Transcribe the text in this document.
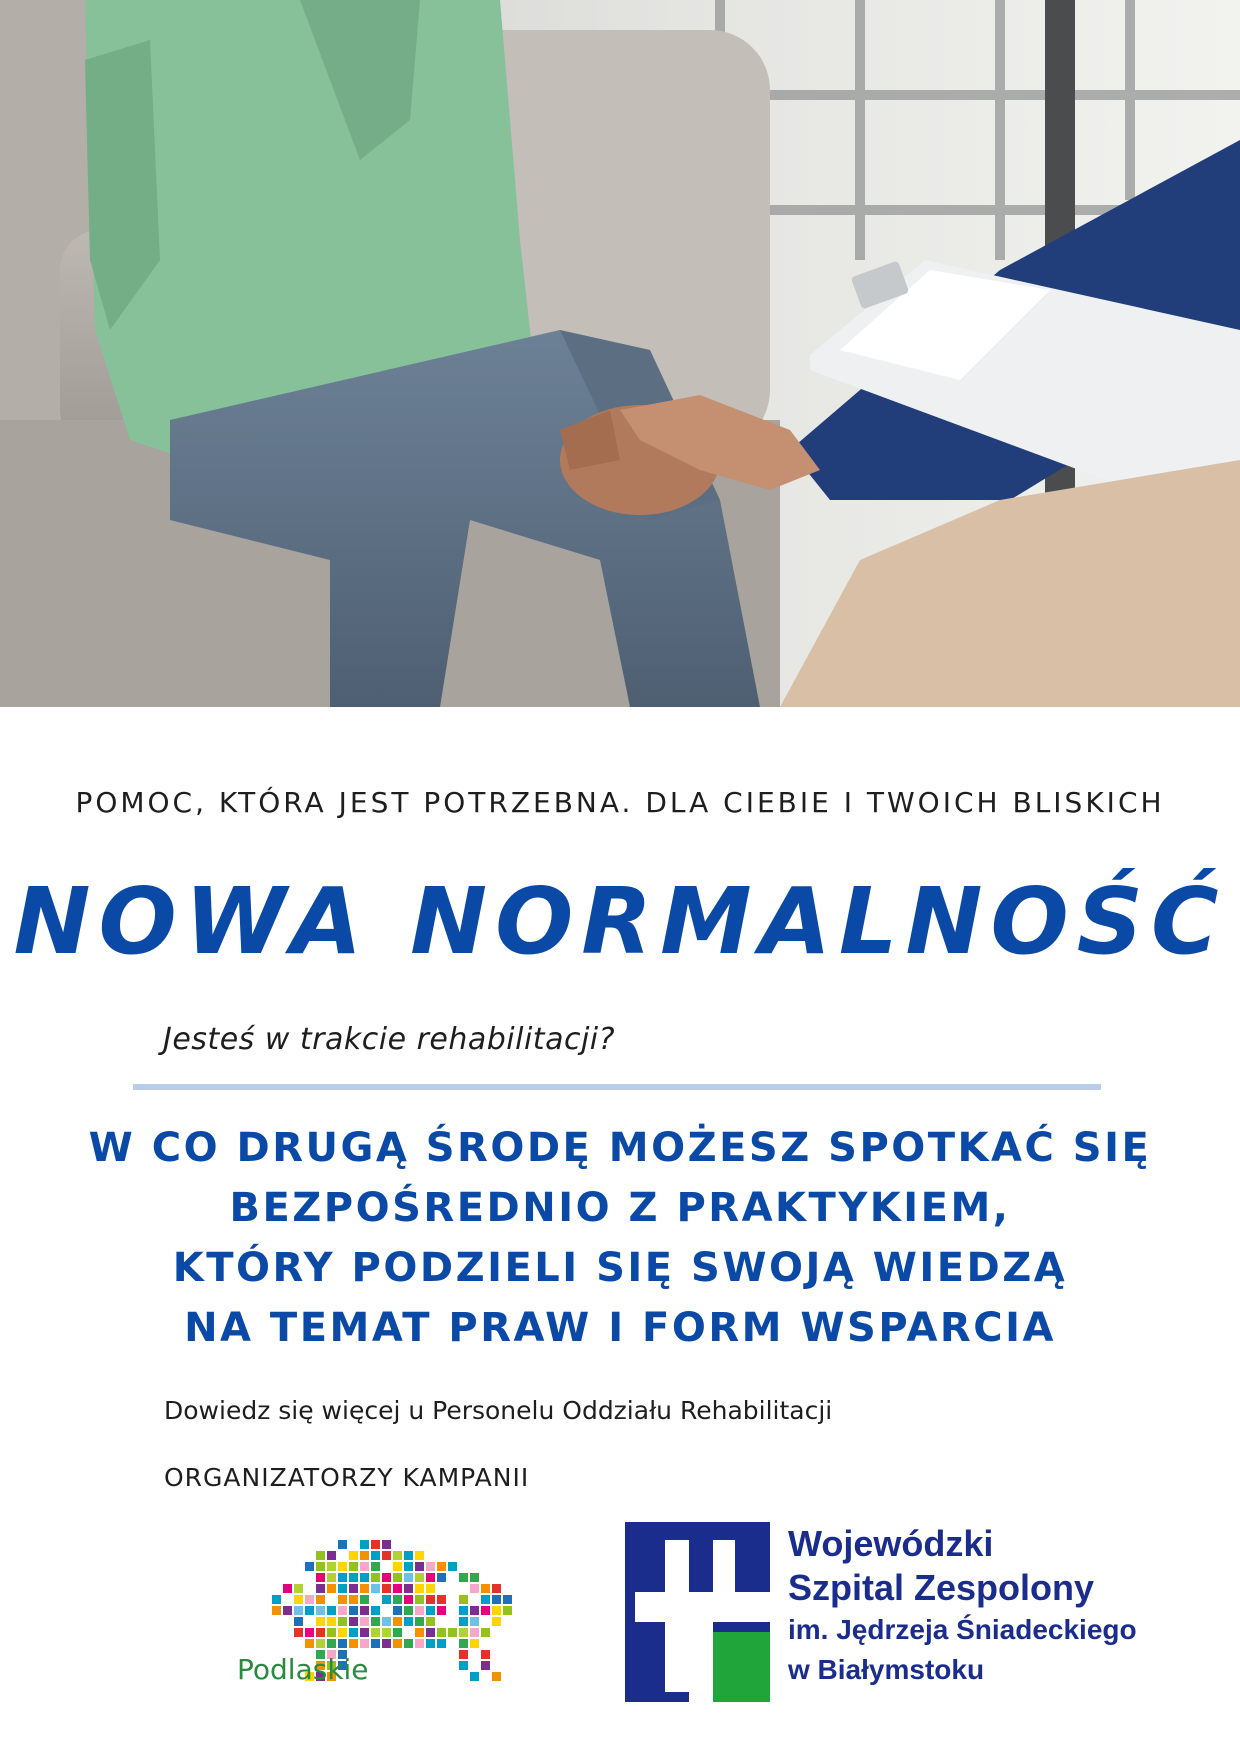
POMOC, KTÓRA JEST POTRZEBNA. DLA CIEBIE I TWOICH BLISKICH
NOWA NORMALNOŚĆ
Jesteś w trakcie rehabilitacji?
W CO DRUGĄ ŚRODĘ MOŻESZ SPOTKAĆ SIĘ
BEZPOŚREDNIO Z PRAKTYKIEM,
KTÓRY PODZIELI SIĘ SWOJĄ WIEDZĄ
NA TEMAT PRAW I FORM WSPARCIA
Dowiedz się więcej u Personelu Oddziału Rehabilitacji
ORGANIZATORZY KAMPANII
Podlaskie
Wojewódzki
Szpital Zespolony
im. Jędrzeja Śniadeckiego
w Białymstoku
